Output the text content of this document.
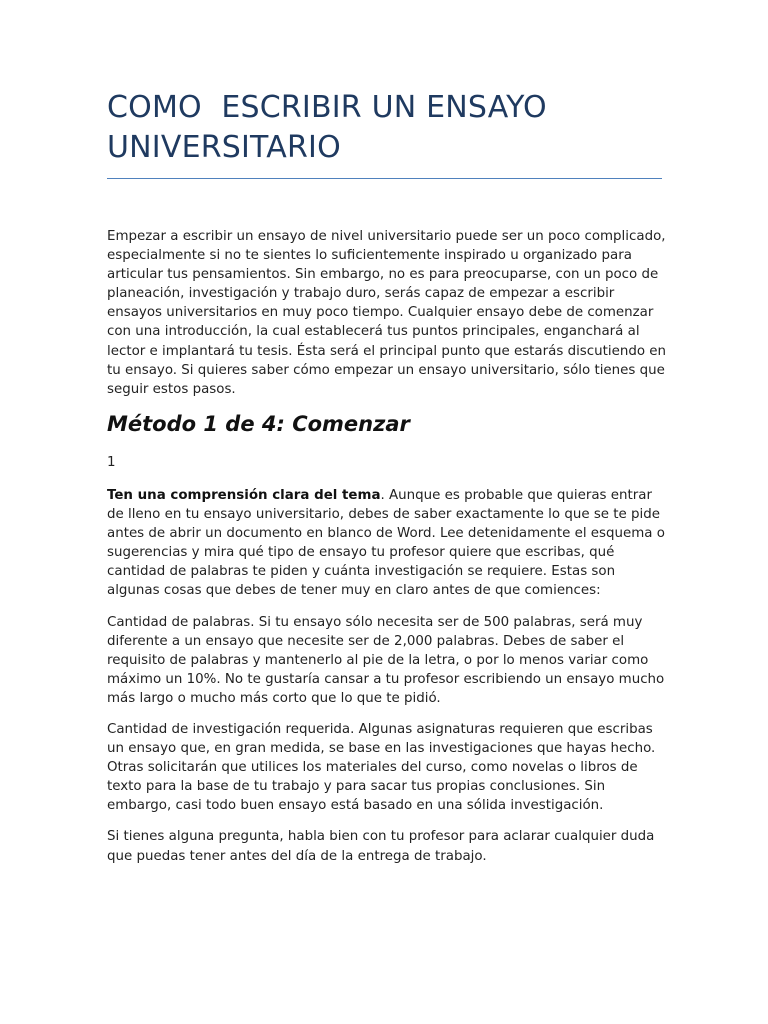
COMO  ESCRIBIR UN ENSAYO UNIVERSITARIO

Empezar a escribir un ensayo de nivel universitario puede ser un poco complicado, especialmente si no te sientes lo suficientemente inspirado u organizado para articular tus pensamientos. Sin embargo, no es para preocuparse, con un poco de planeación, investigación y trabajo duro, serás capaz de empezar a escribir ensayos universitarios en muy poco tiempo. Cualquier ensayo debe de comenzar con una introducción, la cual establecerá tus puntos principales, enganchará al lector e implantará tu tesis. Ésta será el principal punto que estarás discutiendo en tu ensayo. Si quieres saber cómo empezar un ensayo universitario, sólo tienes que seguir estos pasos.

Método 1 de 4: Comenzar

1

Ten una comprensión clara del tema. Aunque es probable que quieras entrar de lleno en tu ensayo universitario, debes de saber exactamente lo que se te pide antes de abrir un documento en blanco de Word. Lee detenidamente el esquema o sugerencias y mira qué tipo de ensayo tu profesor quiere que escribas, qué cantidad de palabras te piden y cuánta investigación se requiere. Estas son algunas cosas que debes de tener muy en claro antes de que comiences:

Cantidad de palabras. Si tu ensayo sólo necesita ser de 500 palabras, será muy diferente a un ensayo que necesite ser de 2,000 palabras. Debes de saber el requisito de palabras y mantenerlo al pie de la letra, o por lo menos variar como máximo un 10%. No te gustaría cansar a tu profesor escribiendo un ensayo mucho más largo o mucho más corto que lo que te pidió.

Cantidad de investigación requerida. Algunas asignaturas requieren que escribas un ensayo que, en gran medida, se base en las investigaciones que hayas hecho. Otras solicitarán que utilices los materiales del curso, como novelas o libros de texto para la base de tu trabajo y para sacar tus propias conclusiones. Sin embargo, casi todo buen ensayo está basado en una sólida investigación.

Si tienes alguna pregunta, habla bien con tu profesor para aclarar cualquier duda que puedas tener antes del día de la entrega de trabajo.
